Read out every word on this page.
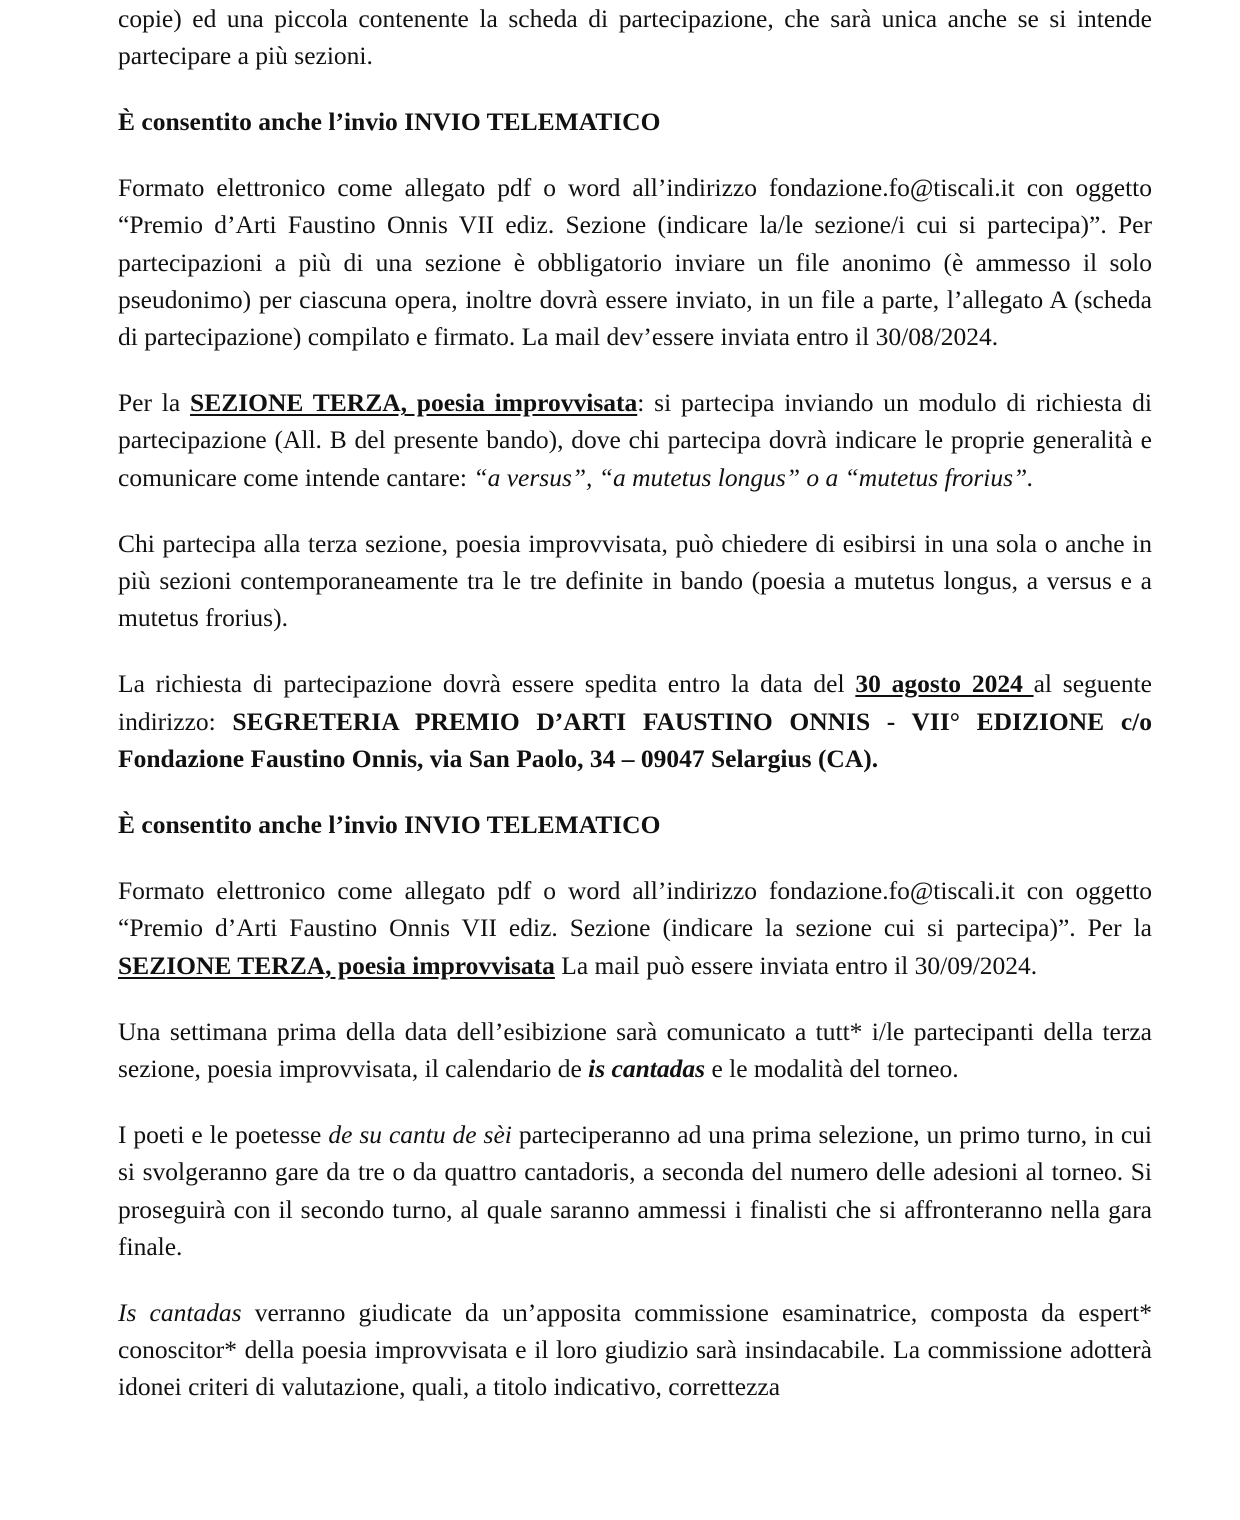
copie) ed una piccola contenente la scheda di partecipazione, che sarà unica anche se si intende partecipare a più sezioni.

È consentito anche l’invio INVIO TELEMATICO

Formato elettronico come allegato pdf o word all’indirizzo fondazione.fo@tiscali.it con oggetto “Premio d’Arti Faustino Onnis VII ediz. Sezione (indicare la/le sezione/i cui si partecipa)”. Per partecipazioni a più di una sezione è obbligatorio inviare un file anonimo (è ammesso il solo pseudonimo) per ciascuna opera, inoltre dovrà essere inviato, in un file a parte, l’allegato A (scheda di partecipazione) compilato e firmato. La mail dev’essere inviata entro il 30/08/2024.

Per la SEZIONE TERZA, poesia improvvisata: si partecipa inviando un modulo di richiesta di partecipazione (All. B del presente bando), dove chi partecipa dovrà indicare le proprie generalità e comunicare come intende cantare: “a versus”, “a mutetus longus” o a “mutetus frorius”.

Chi partecipa alla terza sezione, poesia improvvisata, può chiedere di esibirsi in una sola o anche in più sezioni contemporaneamente tra le tre definite in bando (poesia a mutetus longus, a versus e a mutetus frorius).

La richiesta di partecipazione dovrà essere spedita entro la data del 30 agosto 2024 al seguente indirizzo: SEGRETERIA PREMIO D’ARTI FAUSTINO ONNIS - VII° EDIZIONE c/o Fondazione Faustino Onnis, via San Paolo, 34 – 09047 Selargius (CA).

È consentito anche l’invio INVIO TELEMATICO

Formato elettronico come allegato pdf o word all’indirizzo fondazione.fo@tiscali.it con oggetto “Premio d’Arti Faustino Onnis VII ediz. Sezione (indicare la sezione cui si partecipa)”. Per la SEZIONE TERZA, poesia improvvisata La mail può essere inviata entro il 30/09/2024.

Una settimana prima della data dell’esibizione sarà comunicato a tutt* i/le partecipanti della terza sezione, poesia improvvisata, il calendario de is cantadas e le modalità del torneo.

I poeti e le poetesse de su cantu de sèi parteciperanno ad una prima selezione, un primo turno, in cui si svolgeranno gare da tre o da quattro cantadoris, a seconda del numero delle adesioni al torneo. Si proseguirà con il secondo turno, al quale saranno ammessi i finalisti che si affronteranno nella gara finale.

Is cantadas verranno giudicate da un’apposita commissione esaminatrice, composta da espert* conoscitor* della poesia improvvisata e il loro giudizio sarà insindacabile. La commissione adotterà idonei criteri di valutazione, quali, a titolo indicativo, correttezza
